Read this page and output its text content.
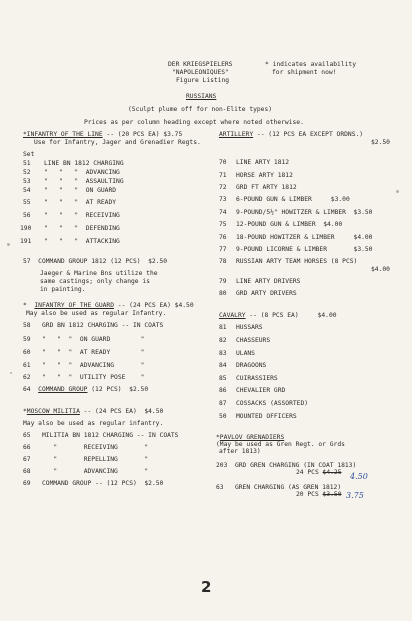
DER KRIEGSPIELERS
"NAPOLEONIQUES"
Figure Listing
* indicates availability
for shipment now!
RUSSIANS
(Sculpt plume off for non-Elite types)
Prices as per column heading except where noted otherwise.
*INFANTRY OF THE LINE -- (20 PCS EA) $3.75
Use for Infantry, Jager and Grenadier Regts.
Set
51 LINE BN 1812 CHARGING
52 "   "   "  ADVANCING
53 "   "   "  ASSAULTING
54 "   "   "  ON GUARD
55 "   "   "  AT READY
56 "   "   "  RECEIVING
190 "   "   "  DEFENDING
191 "   "   "  ATTACKING
57  COMMAND GROUP 1812 (12 PCS)  $2.50
Jaeger & Marine Bns utilize the
same castings; only change is
in painting.
*  INFANTRY OF THE GUARD -- (24 PCS EA) $4.50
May also be used as regular Infantry.
58 GRD BN 1812 CHARGING -- IN COATS
59 "   "  "  ON GUARD        "
60 "   "  "  AT READY        "
61 "   "  "  ADVANCING       "
62 "   "  "  UTILITY POSE    "
64  COMMAND GROUP (12 PCS)  $2.50
*MOSCOW MILITIA -- (24 PCS EA)  $4.50
May also be used as regular infantry.
65 MILITIA BN 1812 CHARGING -- IN COATS
66 "       RECEIVING       "
67 "       REPELLING       "
68 "       ADVANCING       "
69 COMMAND GROUP -- (12 PCS)  $2.50
ARTILLERY -- (12 PCS EA EXCEPT ORDNS.)
$2.50
70 LINE ARTY 1812
71 HORSE ARTY 1812
72 GRD FT ARTY 1812
73 6-POUND GUN & LIMBER     $3.00
74 9-POUND/5½" HOWITZER & LIMBER  $3.50
75 12-POUND GUN & LIMBER  $4.00
76 18-POUND HOWITZER & LIMBER     $4.00
77 9-POUND LICORNE & LIMBER       $3.50
78 RUSSIAN ARTY TEAM HORSES (8 PCS)
$4.00
79 LINE ARTY DRIVERS
80 GRD ARTY DRIVERS
CAVALRY -- (8 PCS EA)     $4.00
81 HUSSARS
82 CHASSEURS
83 ULANS
84 DRAGOONS
85 CUIRASSIERS
86 CHEVALIER GRD
87 COSSACKS (ASSORTED)
50 MOUNTED OFFICERS
*PAVLOV GRENADIERS
(May be used as Gren Regt. or Grds
after 1813)
203  GRD GREN CHARGING (IN COAT 1813)
24 PCS $4.25 4.50
63   GREN CHARGING (AS GREN 1812)
20 PCS $3.50 3.75
2
